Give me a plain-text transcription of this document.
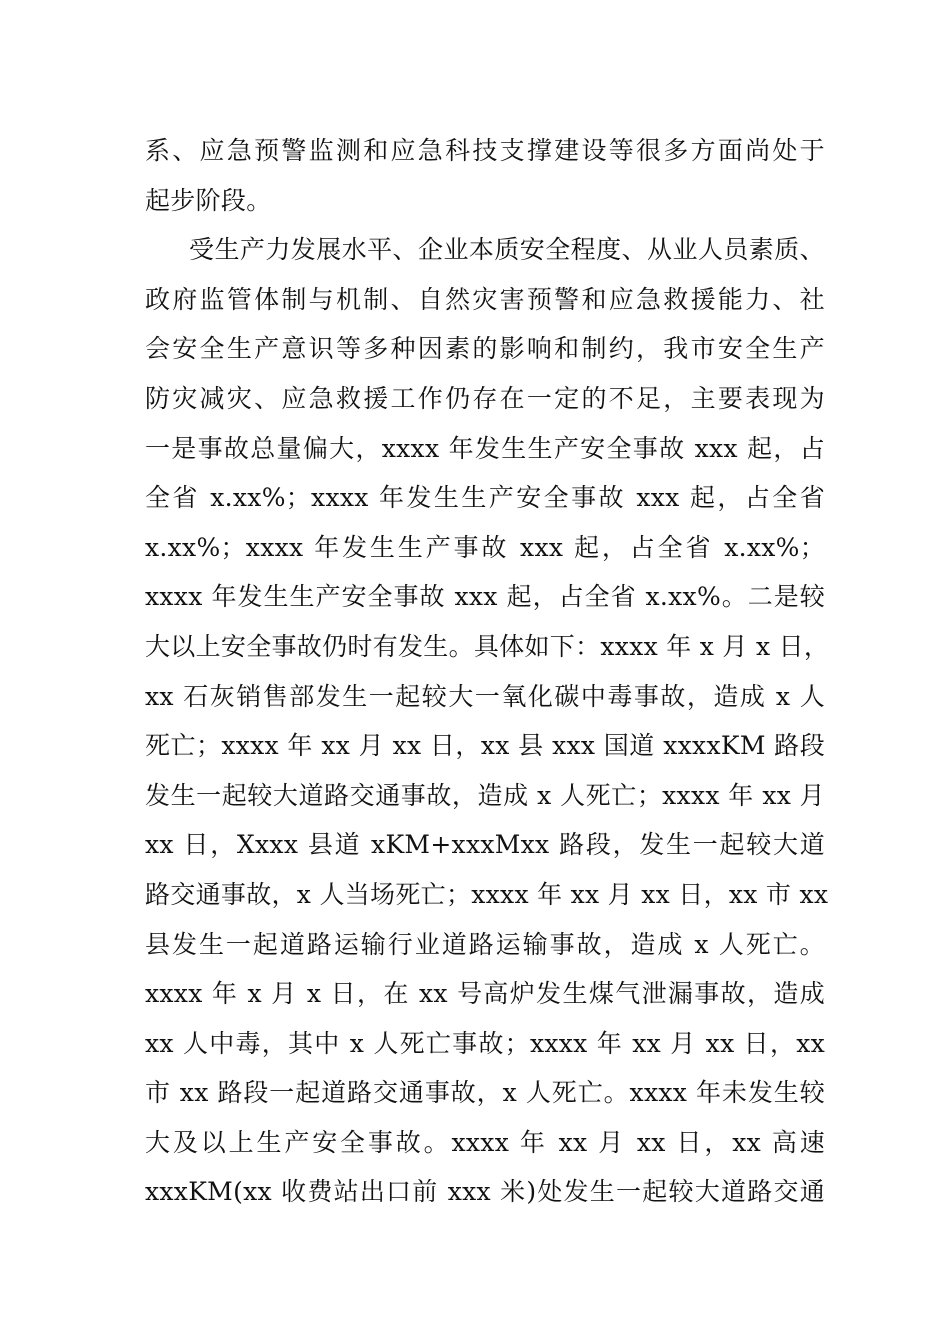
系、应急预警监测和应急科技支撑建设等很多方面尚处于
起步阶段。
受生产力发展水平、企业本质安全程度、从业人员素质、
政府监管体制与机制、自然灾害预警和应急救援能力、社
会安全生产意识等多种因素的影响和制约，我市安全生产
防灾减灾、应急救援工作仍存在一定的不足，主要表现为
一是事故总量偏大，xxxx 年发生生产安全事故 xxx 起，占
全省 x.xx%；xxxx 年发生生产安全事故 xxx 起，占全省
x.xx%；xxxx 年发生生产事故 xxx 起，占全省 x.xx%；
xxxx 年发生生产安全事故 xxx 起，占全省 x.xx%。二是较
大以上安全事故仍时有发生。具体如下：xxxx 年 x 月 x 日，
xx 石灰销售部发生一起较大一氧化碳中毒事故，造成 x 人
死亡；xxxx 年 xx 月 xx 日，xx 县 xxx 国道 xxxxKM 路段
发生一起较大道路交通事故，造成 x 人死亡；xxxx 年 xx 月
xx 日，Xxxx 县道 xKM+xxxMxx 路段，发生一起较大道
路交通事故，x 人当场死亡；xxxx 年 xx 月 xx 日，xx 市 xx
县发生一起道路运输行业道路运输事故，造成 x 人死亡。
xxxx 年 x 月 x 日，在 xx 号高炉发生煤气泄漏事故，造成
xx 人中毒，其中 x 人死亡事故；xxxx 年 xx 月 xx 日，xx
市 xx 路段一起道路交通事故，x 人死亡。xxxx 年未发生较
大及以上生产安全事故。xxxx 年 xx 月 xx 日，xx 高速
xxxKM(xx 收费站出口前 xxx 米)处发生一起较大道路交通
